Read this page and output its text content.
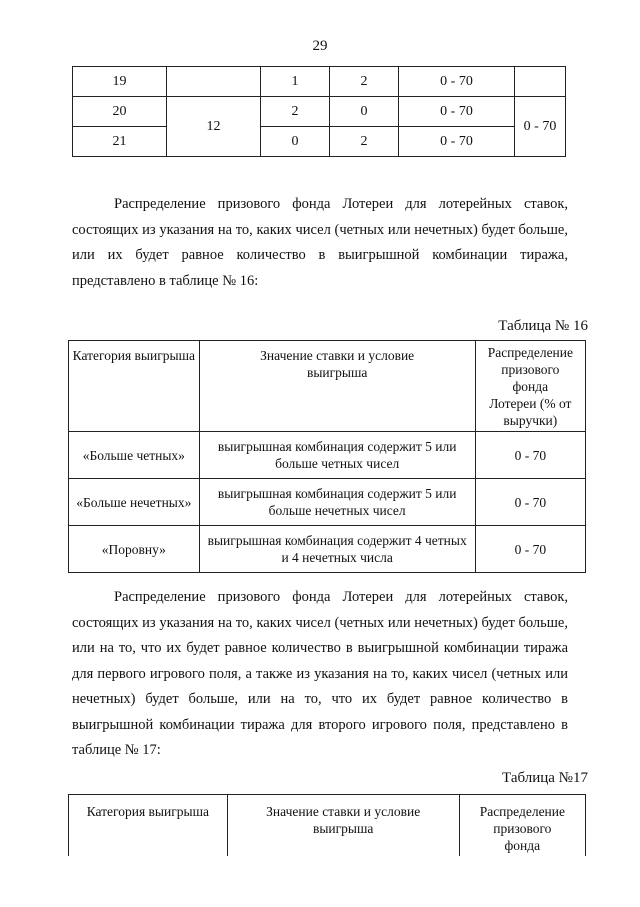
29
19		1	2	0 - 70	
20	12	2	0	0 - 70	0 - 70
21		0	2	0 - 70	

Распределение призового фонда Лотереи для лотерейных ставок, состоящих из указания на то, каких чисел (четных или нечетных) будет больше, или их будет равное количество в выигрышной комбинации тиража, представлено в таблице № 16:

Таблица № 16
Категория выигрыша	Значение ставки и условие выигрыша	Распределение призового фонда Лотереи (% от выручки)
«Больше четных»	выигрышная комбинация содержит 5 или больше четных чисел	0 - 70
«Больше нечетных»	выигрышная комбинация содержит 5 или больше нечетных чисел	0 - 70
«Поровну»	выигрышная комбинация содержит 4 четных и 4 нечетных числа	0 - 70

Распределение призового фонда Лотереи для лотерейных ставок, состоящих из указания на то, каких чисел (четных или нечетных) будет больше, или на то, что их будет равное количество в выигрышной комбинации тиража для первого игрового поля, а также из указания на то, каких чисел (четных или нечетных) будет больше, или на то, что их будет равное количество в выигрышной комбинации тиража для второго игрового поля, представлено в таблице № 17:

Таблица №17
Категория выигрыша	Значение ставки и условие выигрыша	Распределение призового фонда
